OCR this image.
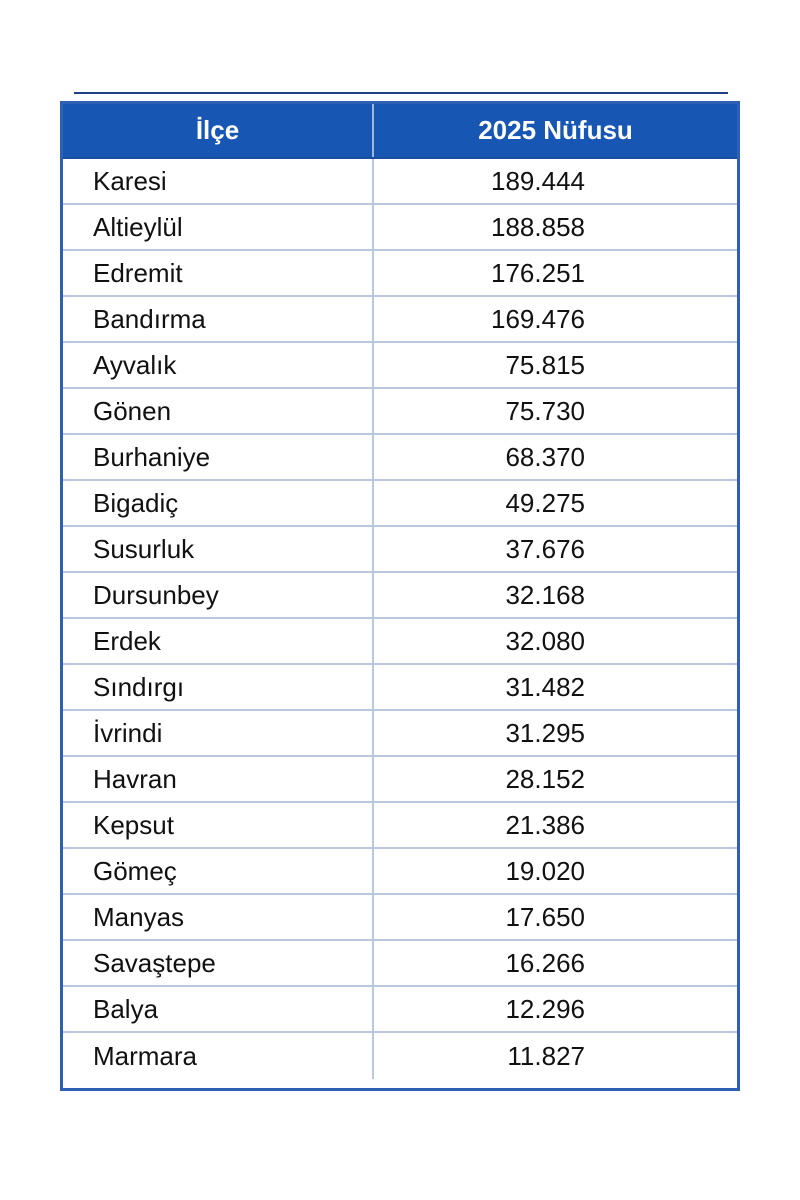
İlçe	2025 Nüfusu
Karesi	189.444
Altieylül	188.858
Edremit	176.251
Bandırma	169.476
Ayvalık	75.815
Gönen	75.730
Burhaniye	68.370
Bigadiç	49.275
Susurluk	37.676
Dursunbey	32.168
Erdek	32.080
Sındırgı	31.482
İvrindi	31.295
Havran	28.152
Kepsut	21.386
Gömeç	19.020
Manyas	17.650
Savaştepe	16.266
Balya	12.296
Marmara	11.827
